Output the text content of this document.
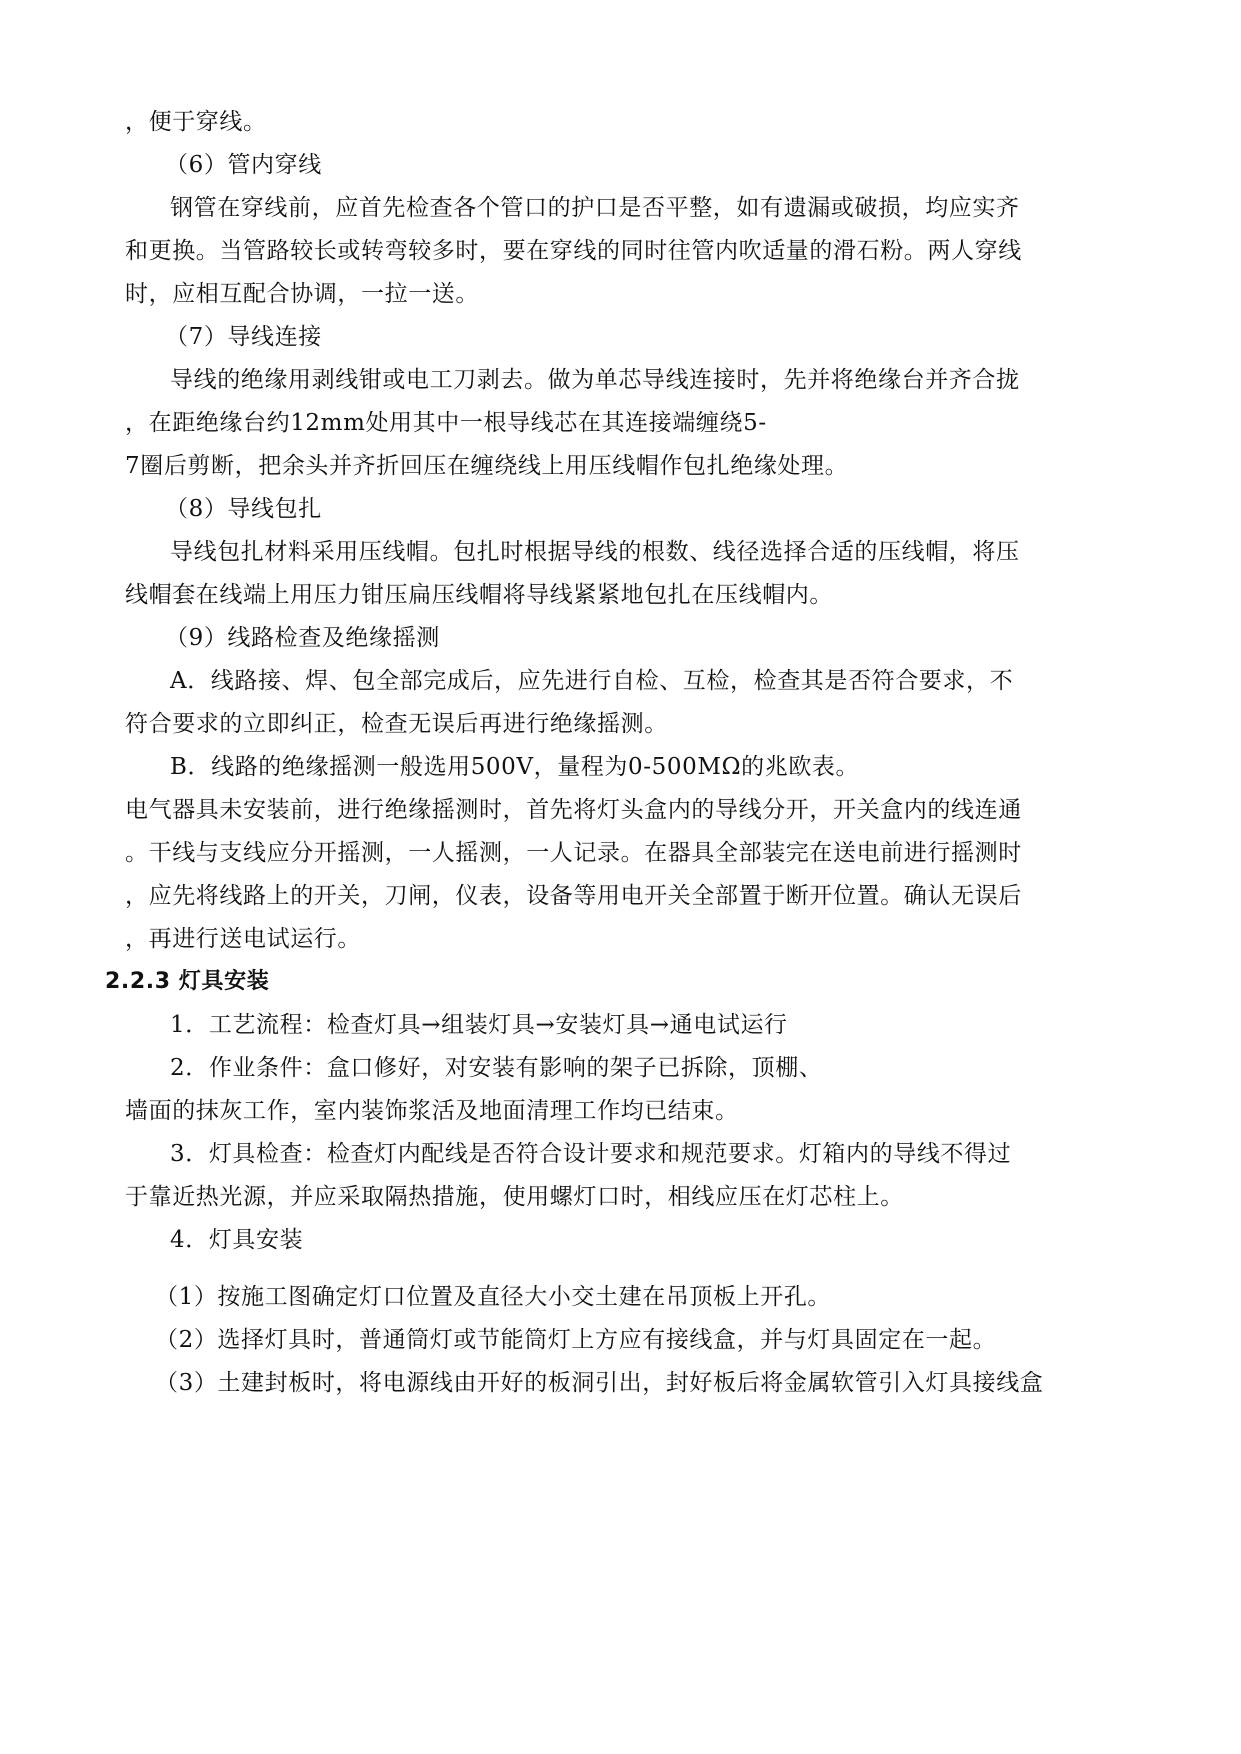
，便于穿线。
（6）管内穿线
钢管在穿线前，应首先检查各个管口的护口是否平整，如有遗漏或破损，均应实齐
和更换。当管路较长或转弯较多时，要在穿线的同时往管内吹适量的滑石粉。两人穿线
时，应相互配合协调，一拉一送。
（7）导线连接
导线的绝缘用剥线钳或电工刀剥去。做为单芯导线连接时，先并将绝缘台并齐合拢
，在距绝缘台约12mm处用其中一根导线芯在其连接端缠绕5-
7圈后剪断，把余头并齐折回压在缠绕线上用压线帽作包扎绝缘处理。
（8）导线包扎
导线包扎材料采用压线帽。包扎时根据导线的根数、线径选择合适的压线帽，将压
线帽套在线端上用压力钳压扁压线帽将导线紧紧地包扎在压线帽内。
（9）线路检查及绝缘摇测
A．线路接、焊、包全部完成后，应先进行自检、互检，检查其是否符合要求，不
符合要求的立即纠正，检查无误后再进行绝缘摇测。
B．线路的绝缘摇测一般选用500V，量程为0-500MΩ的兆欧表。
电气器具未安装前，进行绝缘摇测时，首先将灯头盒内的导线分开，开关盒内的线连通
。干线与支线应分开摇测，一人摇测，一人记录。在器具全部装完在送电前进行摇测时
，应先将线路上的开关，刀闸，仪表，设备等用电开关全部置于断开位置。确认无误后
，再进行送电试运行。
2.2.3 灯具安装
1．工艺流程：检查灯具→组装灯具→安装灯具→通电试运行
2．作业条件：盒口修好，对安装有影响的架子已拆除，顶棚、
墙面的抹灰工作，室内装饰浆活及地面清理工作均已结束。
3．灯具检查：检查灯内配线是否符合设计要求和规范要求。灯箱内的导线不得过
于靠近热光源，并应采取隔热措施，使用螺灯口时，相线应压在灯芯柱上。
4．灯具安装
（1）按施工图确定灯口位置及直径大小交土建在吊顶板上开孔。
（2）选择灯具时，普通筒灯或节能筒灯上方应有接线盒，并与灯具固定在一起。
（3）土建封板时，将电源线由开好的板洞引出，封好板后将金属软管引入灯具接线盒
